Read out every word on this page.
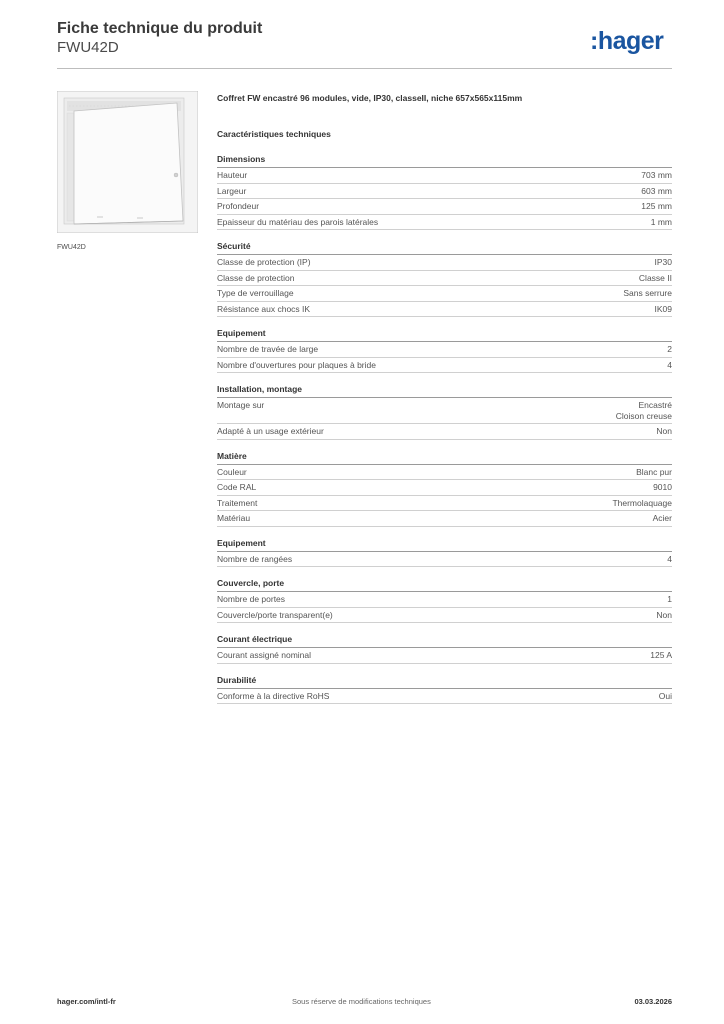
Fiche technique du produit
FWU42D	:hager
FWU42D
Coffret FW encastré 96 modules, vide, IP30, classeII, niche 657x565x115mm
Caractéristiques techniques
Dimensions
Hauteur	703 mm
Largeur	603 mm
Profondeur	125 mm
Epaisseur du matériau des parois latérales	1 mm
Sécurité
Classe de protection (IP)	IP30
Classe de protection	Classe II
Type de verrouillage	Sans serrure
Résistance aux chocs IK	IK09
Equipement
Nombre de travée de large	2
Nombre d'ouvertures pour plaques à bride	4
Installation, montage
Montage sur	Encastré
Cloison creuse
Adapté à un usage extérieur	Non
Matière
Couleur	Blanc pur
Code RAL	9010
Traitement	Thermolaquage
Matériau	Acier
Equipement
Nombre de rangées	4
Couvercle, porte
Nombre de portes	1
Couvercle/porte transparent(e)	Non
Courant électrique
Courant assigné nominal	125 A
Durabilité
Conforme à la directive RoHS	Oui
hager.com/intl-fr	Sous réserve de modifications techniques	03.03.2026
